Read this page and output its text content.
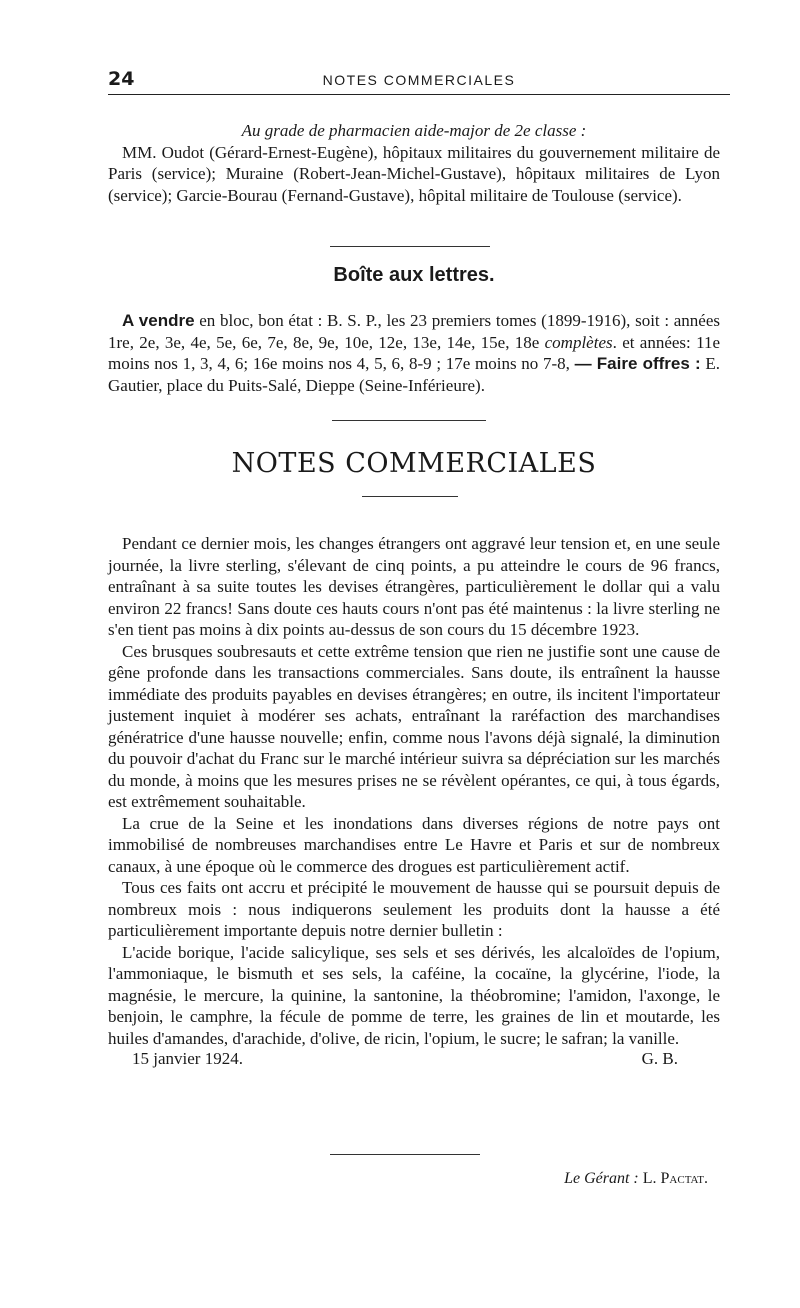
24	NOTES COMMERCIALES

Au grade de pharmacien aide-major de 2e classe :

MM. Oudot (Gérard-Ernest-Eugène), hôpitaux militaires du gouvernement militaire de Paris (service); Muraine (Robert-Jean-Michel-Gustave), hôpitaux militaires de Lyon (service); Garcie-Bourau (Fernand-Gustave), hôpital militaire de Toulouse (service).

Boîte aux lettres.

A vendre en bloc, bon état : B. S. P., les 23 premiers tomes (1899-1916), soit : années 1re, 2e, 3e, 4e, 5e, 6e, 7e, 8e, 9e, 10e, 12e, 13e, 14e, 15e, 18e complètes. et années: 11e moins nos 1, 3, 4, 6; 16e moins nos 4, 5, 6, 8-9 ; 17e moins no 7-8, — Faire offres : E. Gautier, place du Puits-Salé, Dieppe (Seine-Inférieure).

NOTES COMMERCIALES

Pendant ce dernier mois, les changes étrangers ont aggravé leur tension et, en une seule journée, la livre sterling, s'élevant de cinq points, a pu atteindre le cours de 96 francs, entraînant à sa suite toutes les devises étrangères, particulièrement le dollar qui a valu environ 22 francs! Sans doute ces hauts cours n'ont pas été maintenus : la livre sterling ne s'en tient pas moins à dix points au-dessus de son cours du 15 décembre 1923.

Ces brusques soubresauts et cette extrême tension que rien ne justifie sont une cause de gêne profonde dans les transactions commerciales. Sans doute, ils entraînent la hausse immédiate des produits payables en devises étrangères; en outre, ils incitent l'importateur justement inquiet à modérer ses achats, entraînant la raréfaction des marchandises génératrice d'une hausse nouvelle; enfin, comme nous l'avons déjà signalé, la diminution du pouvoir d'achat du Franc sur le marché intérieur suivra sa dépréciation sur les marchés du monde, à moins que les mesures prises ne se révèlent opérantes, ce qui, à tous égards, est extrêmement souhaitable.

La crue de la Seine et les inondations dans diverses régions de notre pays ont immobilisé de nombreuses marchandises entre Le Havre et Paris et sur de nombreux canaux, à une époque où le commerce des drogues est particulièrement actif.

Tous ces faits ont accru et précipité le mouvement de hausse qui se poursuit depuis de nombreux mois : nous indiquerons seulement les produits dont la hausse a été particulièrement importante depuis notre dernier bulletin :

L'acide borique, l'acide salicylique, ses sels et ses dérivés, les alcaloïdes de l'opium, l'ammoniaque, le bismuth et ses sels, la caféine, la cocaïne, la glycérine, l'iode, la magnésie, le mercure, la quinine, la santonine, la théobromine; l'amidon, l'axonge, le benjoin, le camphre, la fécule de pomme de terre, les graines de lin et moutarde, les huiles d'amandes, d'arachide, d'olive, de ricin, l'opium, le sucre; le safran; la vanille.

15 janvier 1924.	G. B.
Le Gérant : L. Pactat.
